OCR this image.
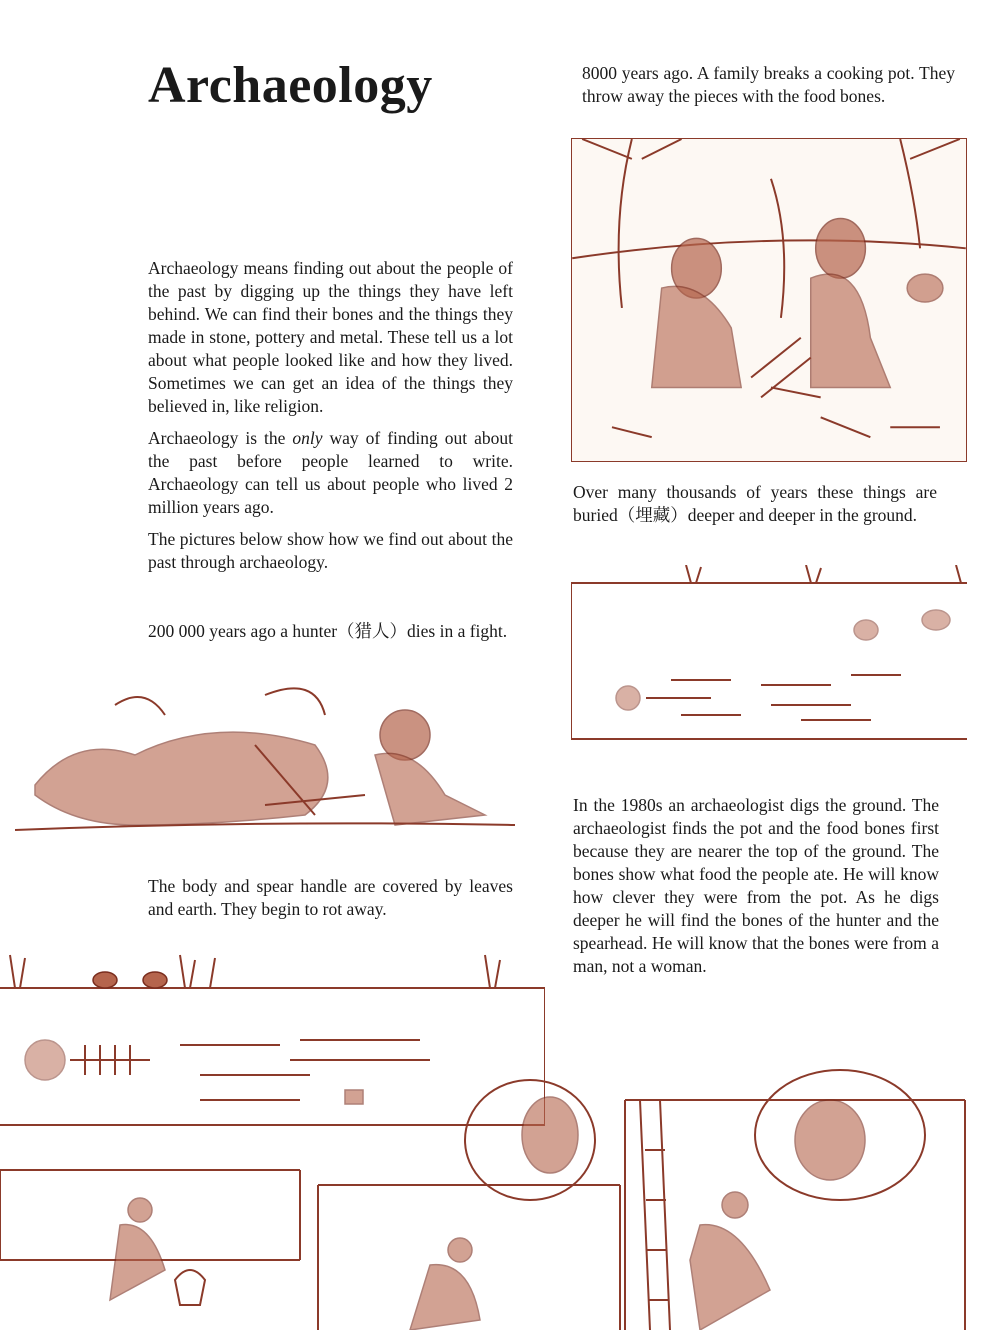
Archaeology

Archaeology means finding out about the people of the past by digging up the things they have left behind. We can find their bones and the things they made in stone, pottery and metal. These tell us a lot about what people looked like and how they lived. Sometimes we can get an idea of the things they believed in, like religion.

Archaeology is the only way of finding out about the past before people learned to write. Archaeology can tell us about people who lived 2 million years ago.

The pictures below show how we find out about the past through archaeology.

200 000 years ago a hunter（猎人）dies in a fight.
The body and spear handle are covered by leaves and earth. They begin to rot away.
8000 years ago. A family breaks a cooking pot. They throw away the pieces with the food bones.
Over many thousands of years these things are buried（埋藏）deeper and deeper in the ground.
In the 1980s an archaeologist digs the ground. The archaeologist finds the pot and the food bones first because they are nearer the top of the ground. The bones show what food the people ate. He will know how clever they were from the pot. As he digs deeper he will find the bones of the hunter and the spearhead. He will know that the bones were from a man, not a woman.
